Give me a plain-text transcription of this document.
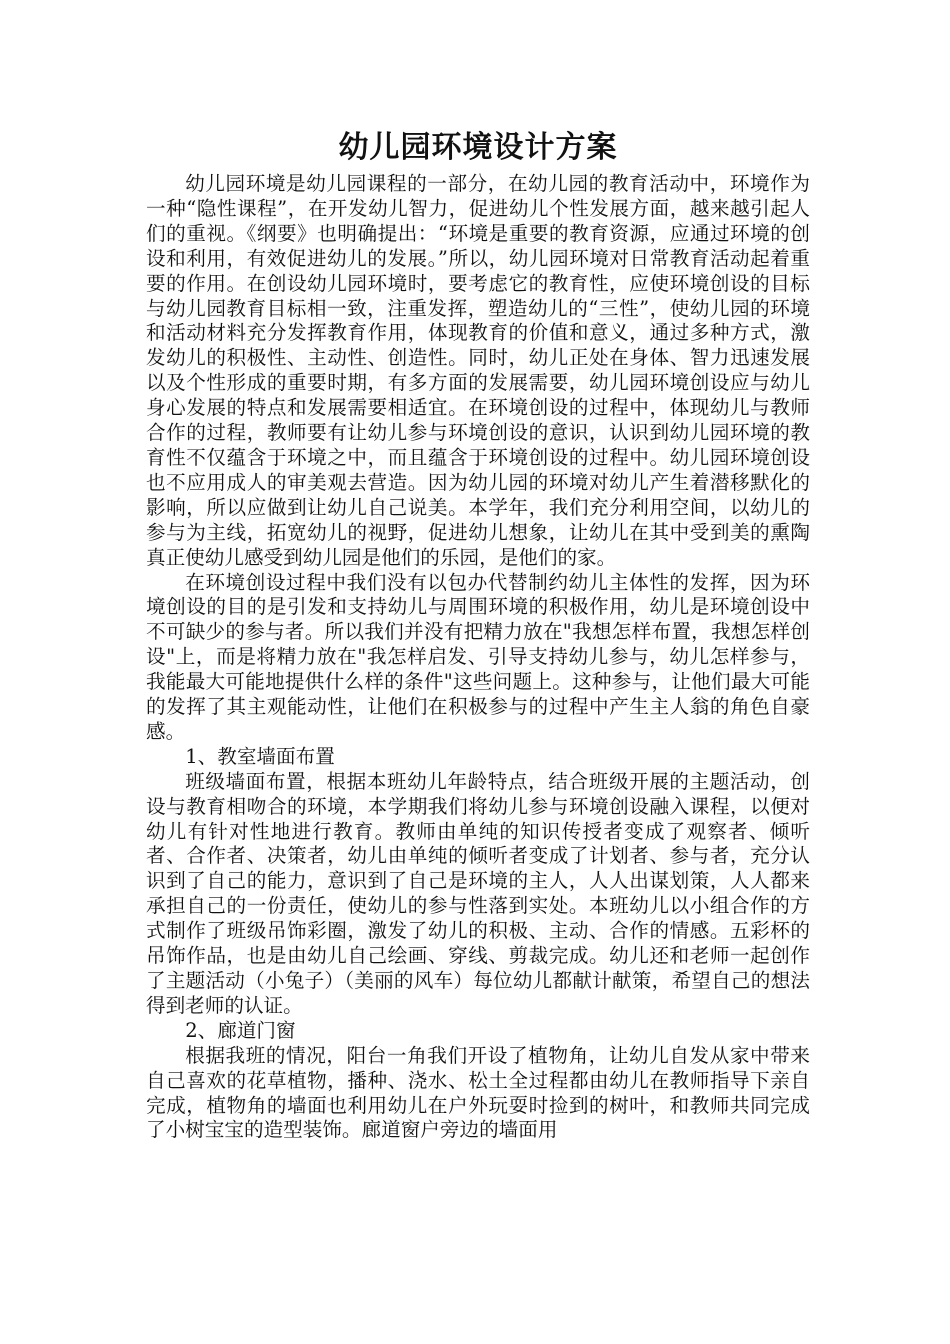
幼儿园环境设计方案

幼儿园环境是幼儿园课程的一部分，在幼儿园的教育活动中，环境作为一种“隐性课程”，在开发幼儿智力，促进幼儿个性发展方面，越来越引起人们的重视。《纲要》也明确提出：“环境是重要的教育资源，应通过环境的创设和利用，有效促进幼儿的发展。”所以，幼儿园环境对日常教育活动起着重要的作用。在创设幼儿园环境时，要考虑它的教育性，应使环境创设的目标与幼儿园教育目标相一致，注重发挥，塑造幼儿的“三性”，使幼儿园的环境和活动材料充分发挥教育作用，体现教育的价值和意义，通过多种方式，激发幼儿的积极性、主动性、创造性。同时，幼儿正处在身体、智力迅速发展以及个性形成的重要时期，有多方面的发展需要，幼儿园环境创设应与幼儿身心发展的特点和发展需要相适宜。在环境创设的过程中，体现幼儿与教师合作的过程，教师要有让幼儿参与环境创设的意识，认识到幼儿园环境的教育性不仅蕴含于环境之中，而且蕴含于环境创设的过程中。幼儿园环境创设也不应用成人的审美观去营造。因为幼儿园的环境对幼儿产生着潜移默化的影响，所以应做到让幼儿自己说美。本学年，我们充分利用空间，以幼儿的参与为主线，拓宽幼儿的视野，促进幼儿想象，让幼儿在其中受到美的熏陶真正使幼儿感受到幼儿园是他们的乐园，是他们的家。

在环境创设过程中我们没有以包办代替制约幼儿主体性的发挥，因为环境创设的目的是引发和支持幼儿与周围环境的积极作用，幼儿是环境创设中不可缺少的参与者。所以我们并没有把精力放在"我想怎样布置，我想怎样创设"上，而是将精力放在"我怎样启发、引导支持幼儿参与，幼儿怎样参与，我能最大可能地提供什么样的条件"这些问题上。这种参与，让他们最大可能的发挥了其主观能动性，让他们在积极参与的过程中产生主人翁的角色自豪感。

1、教室墙面布置

班级墙面布置，根据本班幼儿年龄特点，结合班级开展的主题活动，创设与教育相吻合的环境，本学期我们将幼儿参与环境创设融入课程，以便对幼儿有针对性地进行教育。教师由单纯的知识传授者变成了观察者、倾听者、合作者、决策者，幼儿由单纯的倾听者变成了计划者、参与者，充分认识到了自己的能力，意识到了自己是环境的主人，人人出谋划策，人人都来承担自己的一份责任，使幼儿的参与性落到实处。本班幼儿以小组合作的方式制作了班级吊饰彩圈，激发了幼儿的积极、主动、合作的情感。五彩杯的吊饰作品，也是由幼儿自己绘画、穿线、剪裁完成。幼儿还和老师一起创作了主题活动（小兔子）（美丽的风车）每位幼儿都献计献策，希望自己的想法得到老师的认证。

2、廊道门窗

根据我班的情况，阳台一角我们开设了植物角，让幼儿自发从家中带来自己喜欢的花草植物，播种、浇水、松土全过程都由幼儿在教师指导下亲自完成，植物角的墙面也利用幼儿在户外玩耍时捡到的树叶，和教师共同完成了小树宝宝的造型装饰。廊道窗户旁边的墙面用
